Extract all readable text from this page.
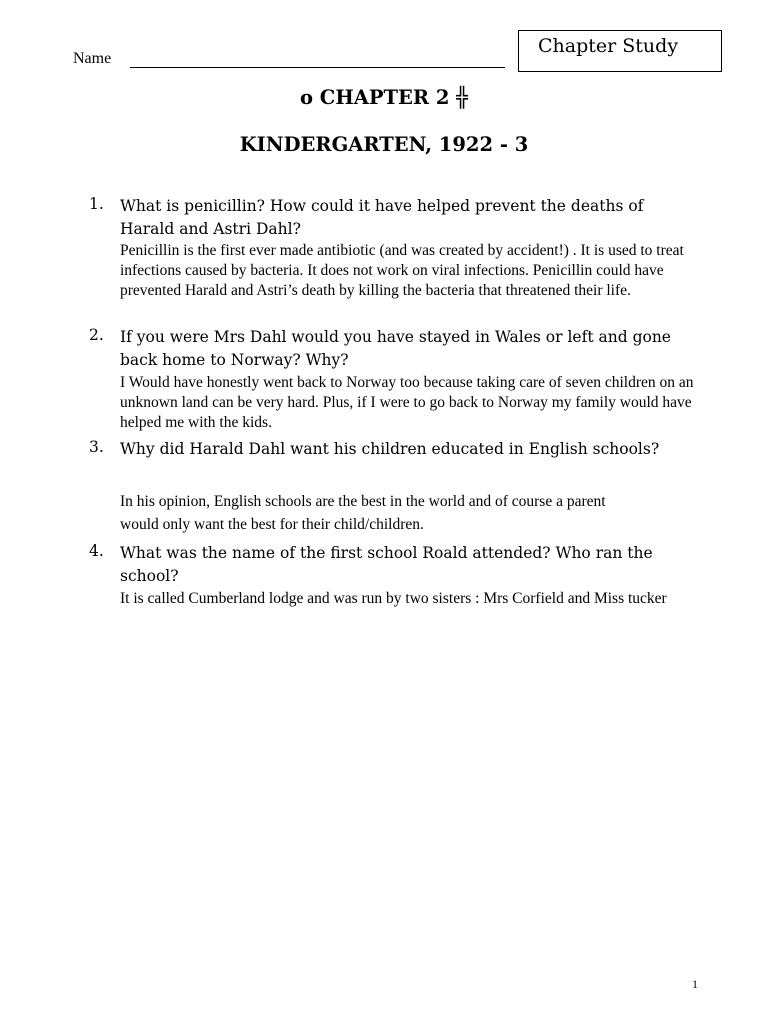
Name
Chapter Study
o CHAPTER 2 ╬
KINDERGARTEN, 1922 - 3
1. What is penicillin? How could it have helped prevent the deaths of Harald and Astri Dahl?
Penicillin is the first ever made antibiotic (and was created by accident!) . It is used to treat infections caused by bacteria. It does not work on viral infections. Penicillin could have prevented Harald and Astri’s death by killing the bacteria that threatened their life.
2. If you were Mrs Dahl would you have stayed in Wales or left and gone back home to Norway? Why?
I Would have honestly went back to Norway too because taking care of seven children on an unknown land can be very hard. Plus, if I were to go back to Norway my family would have helped me with the kids.
3. Why did Harald Dahl want his children educated in English schools?
In his opinion, English schools are the best in the world and of course a parent would only want the best for their child/children.
4. What was the name of the first school Roald attended? Who ran the school?
It is called Cumberland lodge and was run by two sisters : Mrs Corfield and Miss tucker
1
